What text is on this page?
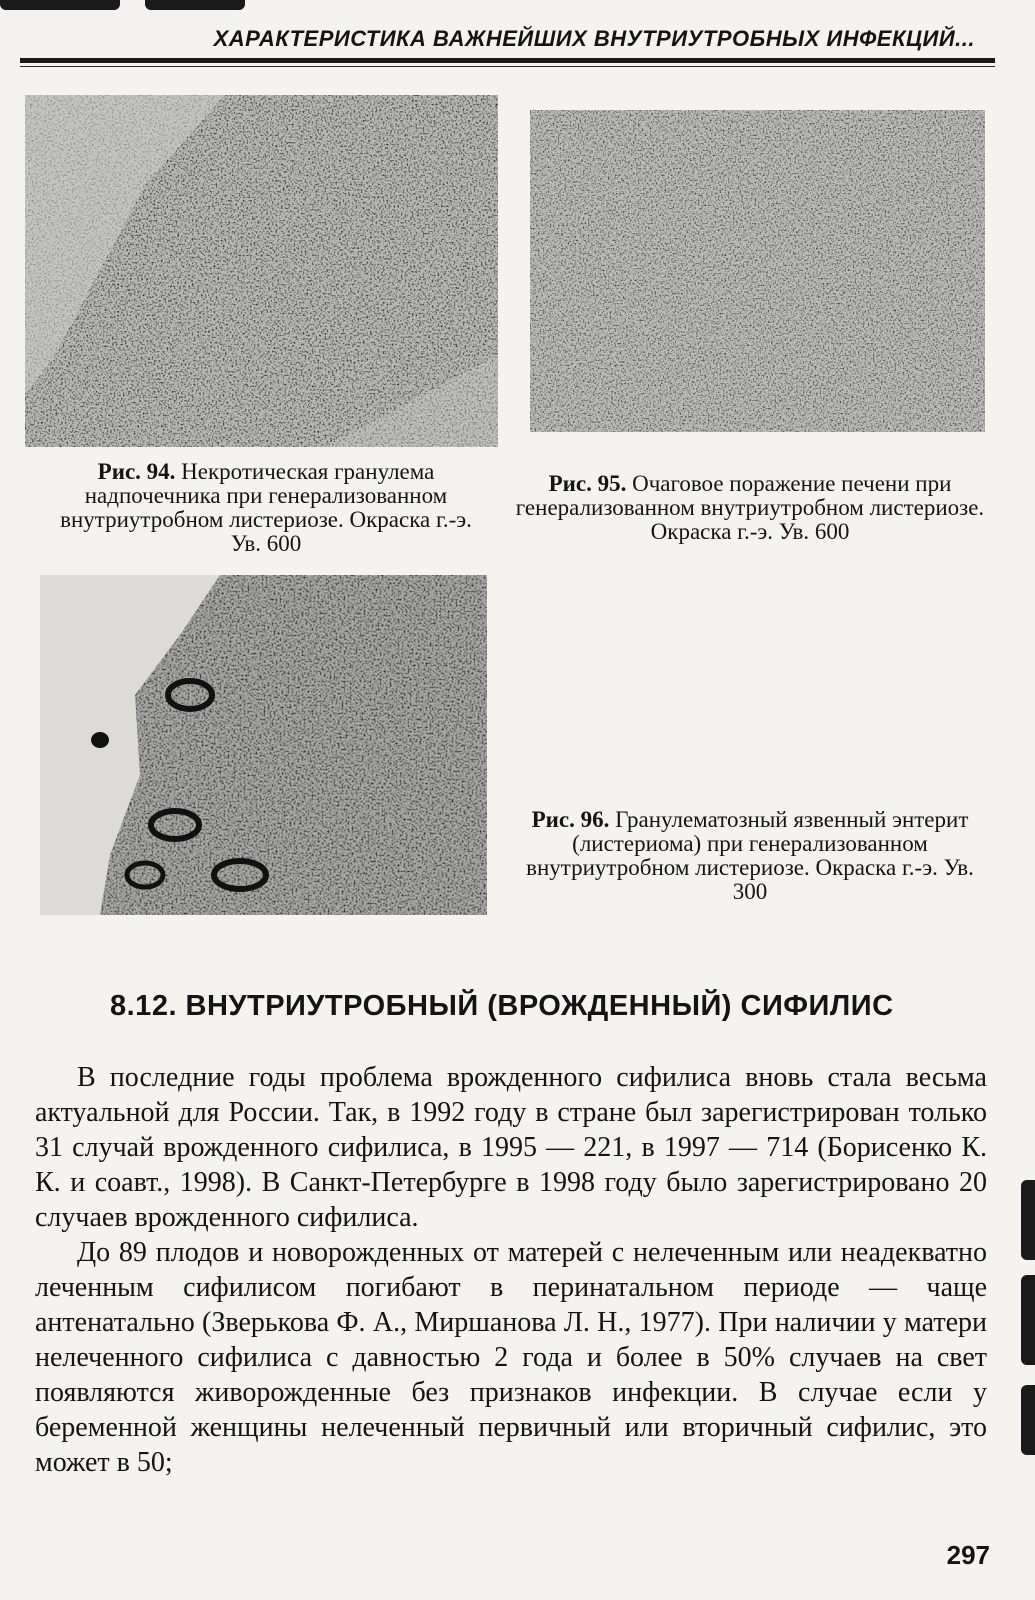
ХАРАКТЕРИСТИКА ВАЖНЕЙШИХ ВНУТРИУТРОБНЫХ ИНФЕКЦИЙ...
Рис. 94. Некротическая гранулема надпочечника при генерализованном внутриутробном листериозе. Окраска г.-э. Ув. 600
Рис. 95. Очаговое поражение печени при генерализованном внутриутробном листериозе. Окраска г.-э. Ув. 600
Рис. 96. Гранулематозный язвенный энтерит (листериома) при генерализованном внутриутробном листериозе. Окраска г.-э. Ув. 300
8.12. ВНУТРИУТРОБНЫЙ (ВРОЖДЕННЫЙ) СИФИЛИС

В последние годы проблема врожденного сифилиса вновь стала весьма актуальной для России. Так, в 1992 году в стране был зарегистрирован только 31 случай врожденного сифилиса, в 1995 — 221, в 1997 — 714 (Борисенко К. К. и соавт., 1998). В Санкт-Петербурге в 1998 году было зарегистрировано 20 случаев врожденного сифилиса.

До 89 плодов и новорожденных от матерей с нелеченным или неадекватно леченным сифилисом погибают в перинатальном периоде — чаще антенатально (Зверькова Ф. А., Миршанова Л. Н., 1977). При наличии у матери нелеченного сифилиса с давностью 2 года и более в 50% случаев на свет появляются живорожденные без признаков инфекции. В случае если у беременной женщины нелеченный первичный или вторичный сифилис, это может в 50;

297
